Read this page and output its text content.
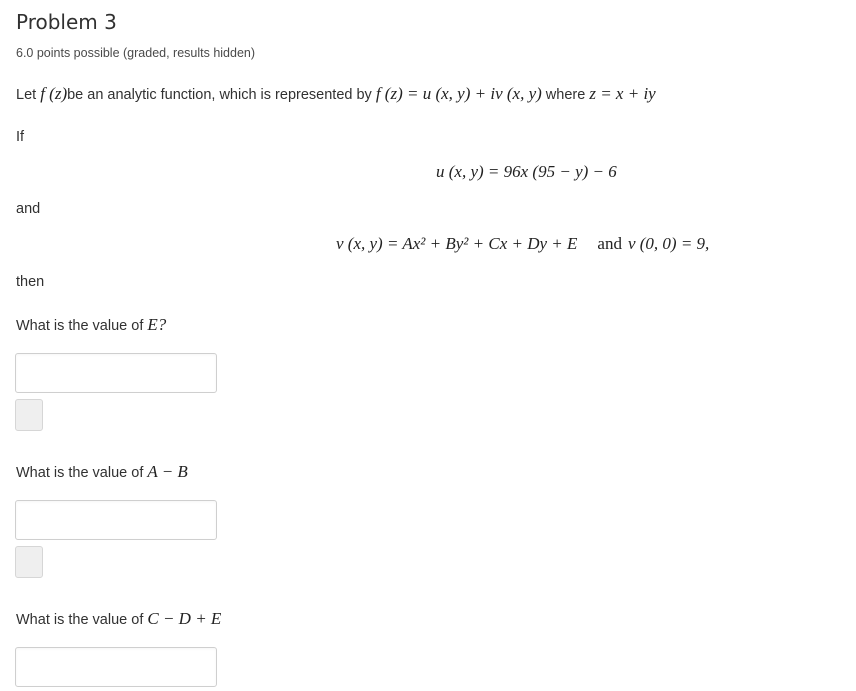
Problem 3
6.0 points possible (graded, results hidden)
Let f (z)be an analytic function, which is represented by f (z) = u (x, y) + iv (x, y) where z = x + iy
If
u (x, y) = 96x (95 − y) − 6
and
v (x, y) = Ax² + By² + Cx + Dy + E and v (0, 0) = 9,
then
What is the value of E?
What is the value of A − B
What is the value of C − D + E
